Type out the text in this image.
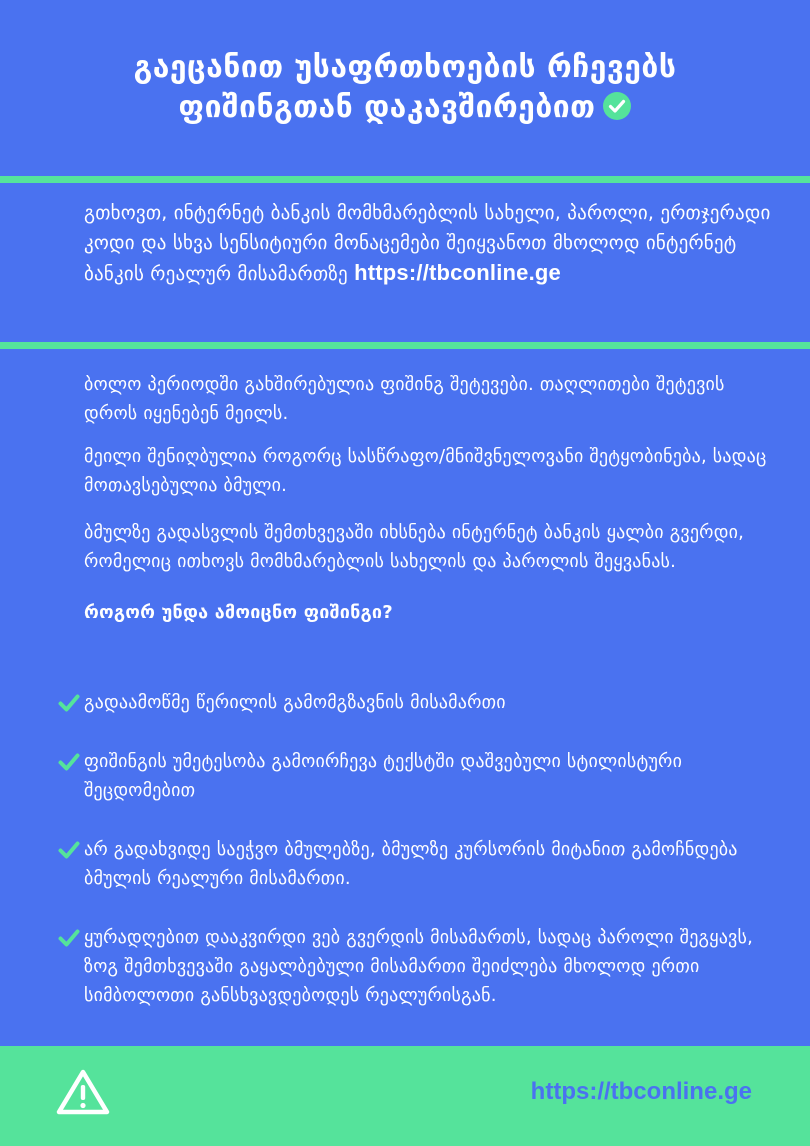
გაეცანით უსაფრთხოების რჩევებს
ფიშინგთან დაკავშირებით
გთხოვთ, ინტერნეტ ბანკის მომხმარებლის სახელი, პაროლი, ერთჯერადი კოდი და სხვა სენსიტიური მონაცემები შეიყვანოთ მხოლოდ ინტერნეტ ბანკის რეალურ მისამართზე https://tbconline.ge

ბოლო პერიოდში გახშირებულია ფიშინგ შეტევები. თაღლითები შეტევის დროს იყენებენ მეილს.

მეილი შენიღბულია როგორც სასწრაფო/მნიშვნელოვანი შეტყობინება, სადაც მოთავსებულია ბმული.

ბმულზე გადასვლის შემთხვევაში იხსნება ინტერნეტ ბანკის ყალბი გვერდი, რომელიც ითხოვს მომხმარებლის სახელის და პაროლის შეყვანას.

როგორ უნდა ამოიცნო ფიშინგი?

გადაამოწმე წერილის გამომგზავნის მისამართი
ფიშინგის უმეტესობა გამოირჩევა ტექსტში დაშვებული სტილისტური შეცდომებით
არ გადახვიდე საეჭვო ბმულებზე, ბმულზე კურსორის მიტანით გამოჩნდება ბმულის რეალური მისამართი.
ყურადღებით დააკვირდი ვებ გვერდის მისამართს, სადაც პაროლი შეგყავს, ზოგ შემთხვევაში გაყალბებული მისამართი შეიძლება მხოლოდ ერთი სიმბოლოთი განსხვავდებოდეს რეალურისგან.
https://tbconline.ge
